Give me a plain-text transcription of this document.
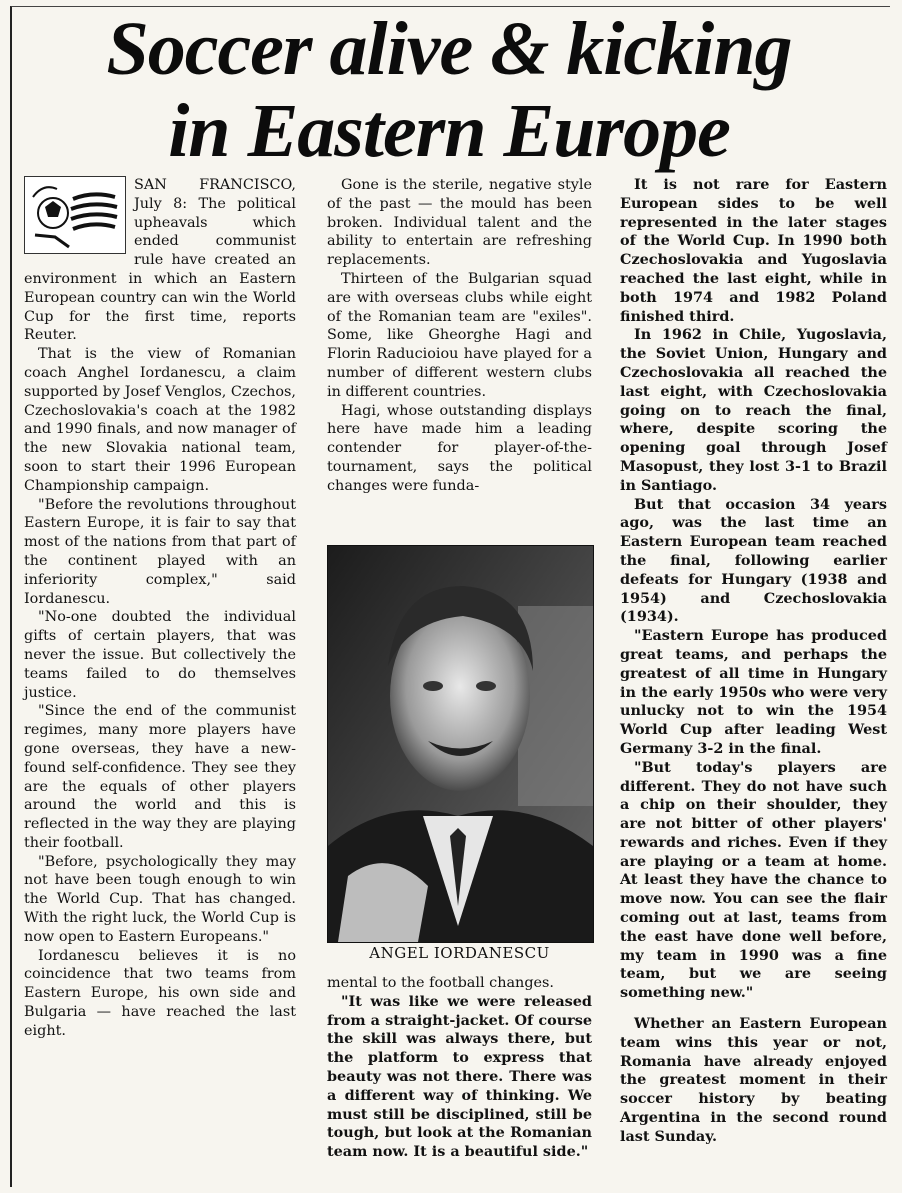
Soccer alive & kicking
in Eastern Europe

SAN FRANCISCO, July 8: The political upheavals which ended communist rule have created an environment in which an Eastern European country can win the World Cup for the first time, reports Reuter.

That is the view of Romanian coach Anghel Iordanescu, a claim supported by Josef Venglos, Czechos, Czechoslovakia's coach at the 1982 and 1990 finals, and now manager of the new Slovakia national team, soon to start their 1996 European Championship campaign.

"Before the revolutions throughout Eastern Europe, it is fair to say that most of the nations from that part of the continent played with an inferiority complex," said Iordanescu.

"No-one doubted the individual gifts of certain players, that was never the issue. But collectively the teams failed to do themselves justice.

"Since the end of the communist regimes, many more players have gone overseas, they have a new-found self-confidence. They see they are the equals of other players around the world and this is reflected in the way they are playing their football.

"Before, psychologically they may not have been tough enough to win the World Cup. That has changed. With the right luck, the World Cup is now open to Eastern Europeans."

Iordanescu believes it is no coincidence that two teams from Eastern Europe, his own side and Bulgaria — have reached the last eight.

Gone is the sterile, negative style of the past — the mould has been broken. Individual talent and the ability to entertain are refreshing replacements.

Thirteen of the Bulgarian squad are with overseas clubs while eight of the Romanian team are "exiles". Some, like Gheorghe Hagi and Florin Raducioiou have played for a number of different western clubs in different countries.

Hagi, whose outstanding displays here have made him a leading contender for player-of-the-tournament, says the political changes were funda-

ANGEL IORDANESCU

mental to the football changes.

"It was like we were released from a straight-jacket. Of course the skill was always there, but the platform to express that beauty was not there. There was a different way of thinking. We must still be disciplined, still be tough, but look at the Romanian team now. It is a beautiful side."

It is not rare for Eastern European sides to be well represented in the later stages of the World Cup. In 1990 both Czechoslovakia and Yugoslavia reached the last eight, while in both 1974 and 1982 Poland finished third.

In 1962 in Chile, Yugoslavia, the Soviet Union, Hungary and Czechoslovakia all reached the last eight, with Czechoslovakia going on to reach the final, where, despite scoring the opening goal through Josef Masopust, they lost 3-1 to Brazil in Santiago.

But that occasion 34 years ago, was the last time an Eastern European team reached the final, following earlier defeats for Hungary (1938 and 1954) and Czechoslovakia (1934).

"Eastern Europe has produced great teams, and perhaps the greatest of all time in Hungary in the early 1950s who were very unlucky not to win the 1954 World Cup after leading West Germany 3-2 in the final.

"But today's players are different. They do not have such a chip on their shoulder, they are not bitter of other players' rewards and riches. Even if they are playing or a team at home. At least they have the chance to move now. You can see the flair coming out at last, teams from the east have done well before, my team in 1990 was a fine team, but we are seeing something new."

Whether an Eastern European team wins this year or not, Romania have already enjoyed the greatest moment in their soccer history by beating Argentina in the second round last Sunday.
